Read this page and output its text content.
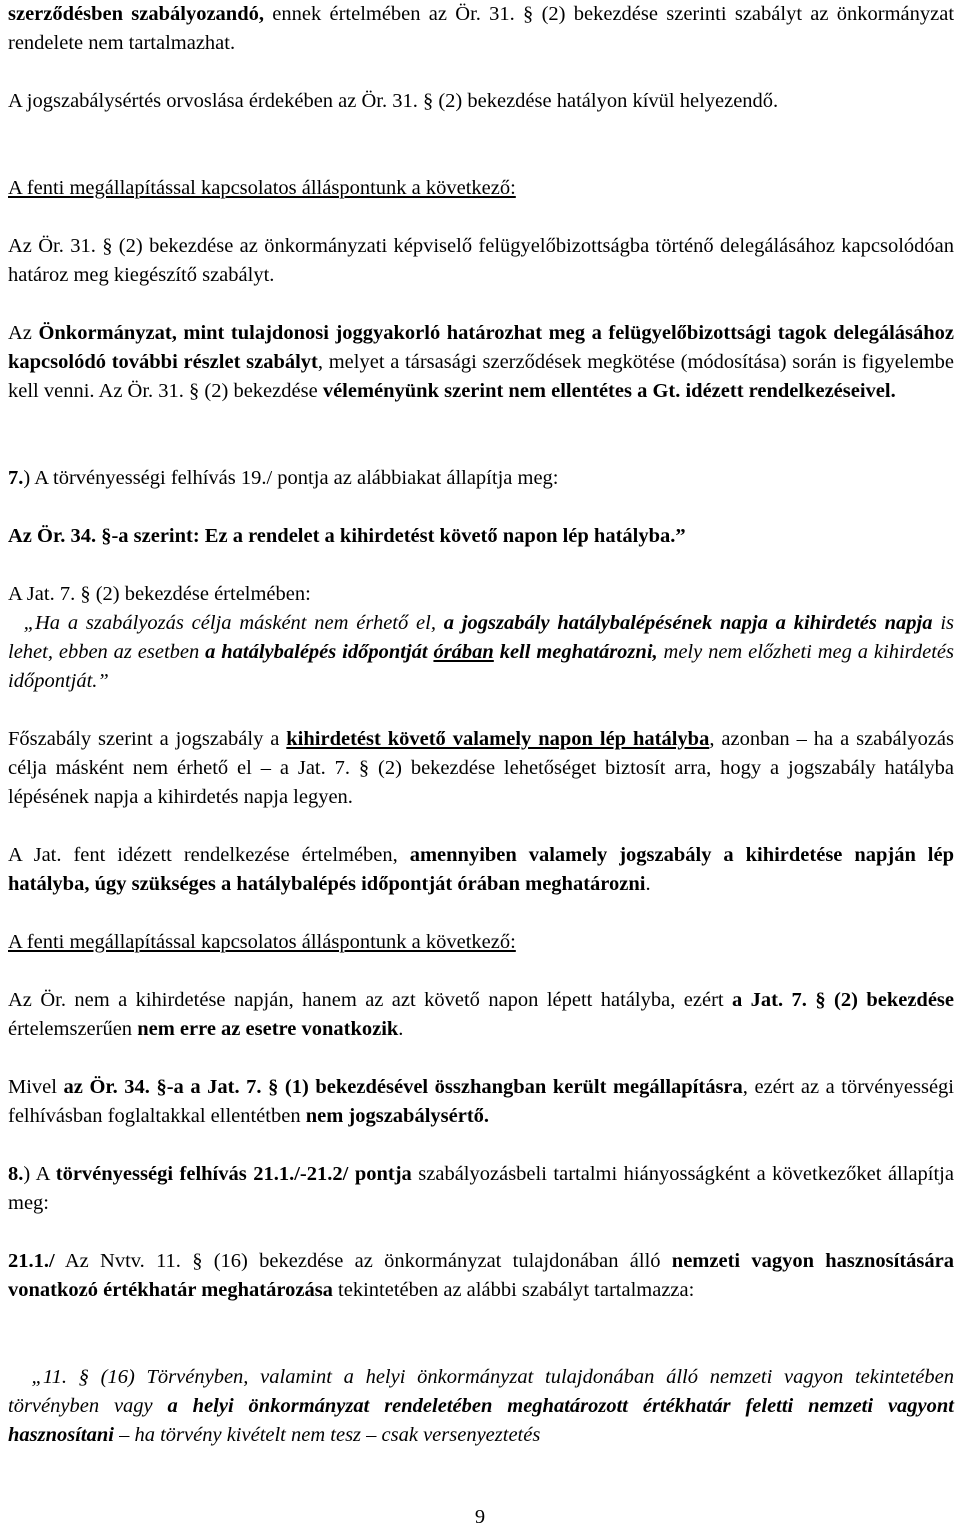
szerződésben szabályozandó, ennek értelmében az Ör. 31. § (2) bekezdése szerinti szabályt az önkormányzat rendelete nem tartalmazhat.

A jogszabálysértés orvoslása érdekében az Ör. 31. § (2) bekezdése hatályon kívül helyezendő.

A fenti megállapítással kapcsolatos álláspontunk a következő:

Az Ör. 31. § (2) bekezdése az önkormányzati képviselő felügyelőbizottságba történő delegálásához kapcsolódóan határoz meg kiegészítő szabályt.

Az Önkormányzat, mint tulajdonosi joggyakorló határozhat meg a felügyelőbizottsági tagok delegálásához kapcsolódó további részlet szabályt, melyet a társasági szerződések megkötése (módosítása) során is figyelembe kell venni. Az Ör. 31. § (2) bekezdése véleményünk szerint nem ellentétes a Gt. idézett rendelkezéseivel.

7.) A törvényességi felhívás 19./ pontja az alábbiakat állapítja meg:

Az Ör. 34. §-a szerint: Ez a rendelet a kihirdetést követő napon lép hatályba.”

A Jat. 7. § (2) bekezdése értelmében:

„Ha a szabályozás célja másként nem érhető el, a jogszabály hatálybalépésének napja a kihirdetés napja is lehet, ebben az esetben a hatálybalépés időpontját órában kell meghatározni, mely nem előzheti meg a kihirdetés időpontját.”

Főszabály szerint a jogszabály a kihirdetést követő valamely napon lép hatályba, azonban – ha a szabályozás célja másként nem érhető el – a Jat. 7. § (2) bekezdése lehetőséget biztosít arra, hogy a jogszabály hatályba lépésének napja a kihirdetés napja legyen.

A Jat. fent idézett rendelkezése értelmében, amennyiben valamely jogszabály a kihirdetése napján lép hatályba, úgy szükséges a hatálybalépés időpontját órában meghatározni.

A fenti megállapítással kapcsolatos álláspontunk a következő:

Az Ör. nem a kihirdetése napján, hanem az azt követő napon lépett hatályba, ezért a Jat. 7. § (2) bekezdése értelemszerűen nem erre az esetre vonatkozik.

Mivel az Ör. 34. §-a a Jat. 7. § (1) bekezdésével összhangban került megállapításra, ezért az a törvényességi felhívásban foglaltakkal ellentétben nem jogszabálysértő.

8.) A törvényességi felhívás 21.1./-21.2/ pontja szabályozásbeli tartalmi hiányosságként a következőket állapítja meg:

21.1./ Az Nvtv. 11. § (16) bekezdése az önkormányzat tulajdonában álló nemzeti vagyon hasznosítására vonatkozó értékhatár meghatározása tekintetében az alábbi szabályt tartalmazza:

„11. § (16) Törvényben, valamint a helyi önkormányzat tulajdonában álló nemzeti vagyon tekintetében törvényben vagy a helyi önkormányzat rendeletében meghatározott értékhatár feletti nemzeti vagyont hasznosítani – ha törvény kivételt nem tesz – csak versenyeztetés

9
